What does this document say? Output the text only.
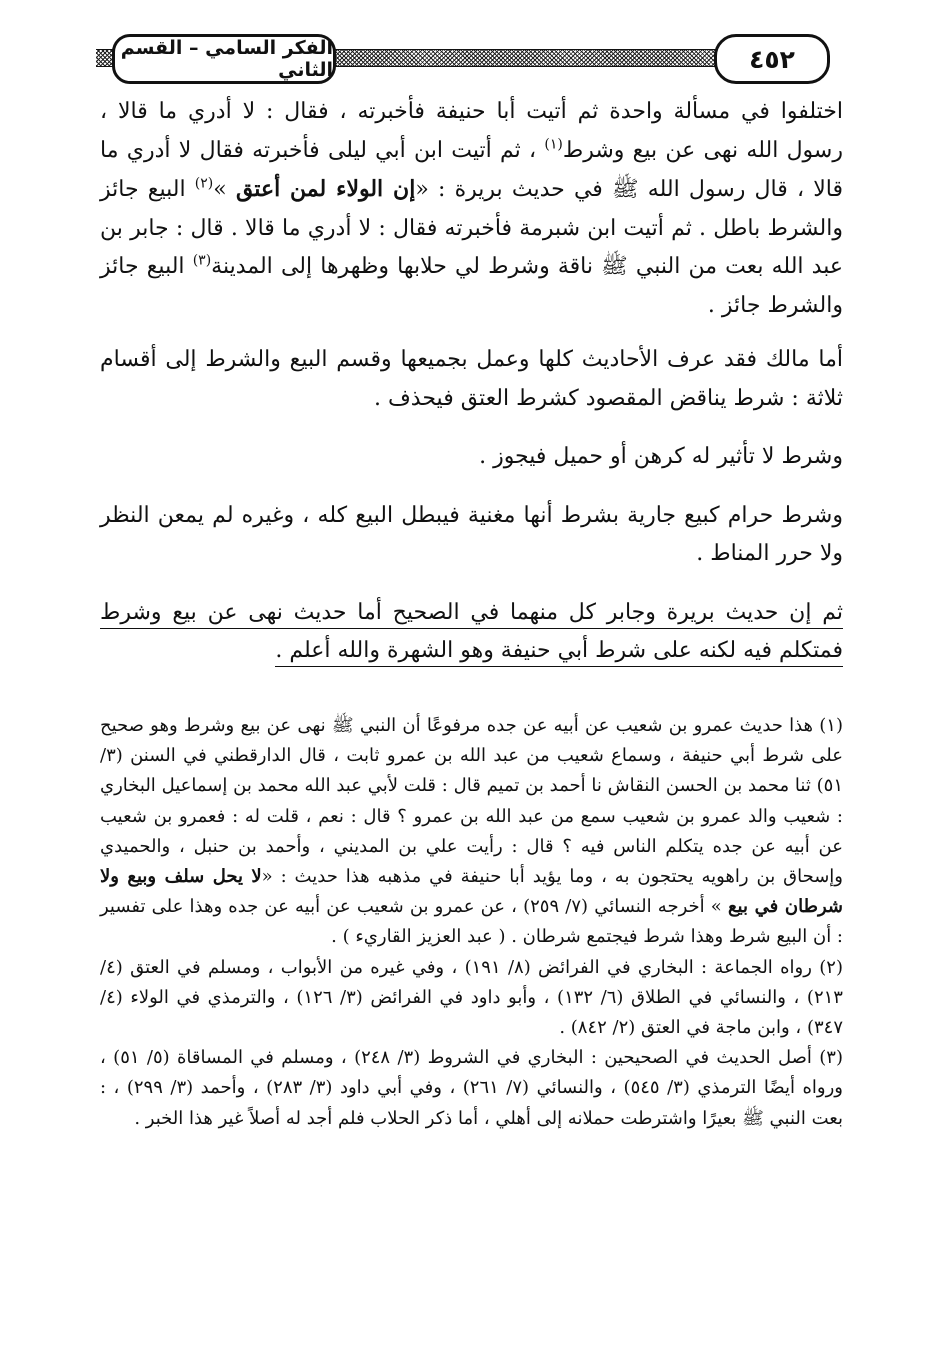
الفكر السامي – القسم الثاني	٤٥٢

اختلفوا في مسألة واحدة ثم أتيت أبا حنيفة فأخبرته ، فقال : لا أدري ما قالا ، رسول الله نهى عن بيع وشرط$^{(١)}$ ، ثم أتيت ابن أبي ليلى فأخبرته فقال لا أدري ما قالا ، قال رسول الله ﷺ في حديث بريرة : «إن الولاء لمن أعتق »$^{(٢)}$ البيع جائز والشرط باطل . ثم أتيت ابن شبرمة فأخبرته فقال : لا أدري ما قالا . قال : جابر بن عبد الله بعت من النبي ﷺ ناقة وشرط لي حلابها وظهرها إلى المدينة$^{(٣)}$ البيع جائز والشرط جائز .

أما مالك فقد عرف الأحاديث كلها وعمل بجميعها وقسم البيع والشرط إلى أقسام ثلاثة : شرط يناقض المقصود كشرط العتق فيحذف .

وشرط لا تأثير له كرهن أو حميل فيجوز .

وشرط حرام كبيع جارية بشرط أنها مغنية فيبطل البيع كله ، وغيره لم يمعن النظر ولا حرر المناط .

ثم إن حديث بريرة وجابر كل منهما في الصحيح أما حديث نهى عن بيع وشرط فمتكلم فيه لكنه على شرط أبي حنيفة وهو الشهرة والله أعلم .

(١) هذا حديث عمرو بن شعيب عن أبيه عن جده مرفوعًا أن النبي ﷺ نهى عن بيع وشرط وهو صحيح على شرط أبي حنيفة ، وسماع شعيب من عبد الله بن عمرو ثابت ، قال الدارقطني في السنن (٣/ ٥١) ثنا محمد بن الحسن النقاش نا أحمد بن تميم قال : قلت لأبي عبد الله محمد بن إسماعيل البخاري : شعيب والد عمرو بن شعيب سمع من عبد الله بن عمرو ؟ قال : نعم ، قلت له : فعمرو بن شعيب عن أبيه عن جده يتكلم الناس فيه ؟ قال : رأيت علي بن المديني ، وأحمد بن حنبل ، والحميدي وإسحاق بن راهويه يحتجون به ، وما يؤيد أبا حنيفة في مذهبه هذا حديث : «لا يحل سلف وبيع ولا شرطان في بيع » أخرجه النسائي (٧/ ٢٥٩) ، عن عمرو بن شعيب عن أبيه عن جده وهذا على تفسير : أن البيع شرط وهذا شرط فيجتمع شرطان . ( عبد العزيز القاريء ) .

(٢) رواه الجماعة : البخاري في الفرائض (٨/ ١٩١) ، وفي غيره من الأبواب ، ومسلم في العتق (٤/ ٢١٣) ، والنسائي في الطلاق (٦/ ١٣٢) ، وأبو داود في الفرائض (٣/ ١٢٦) ، والترمذي في الولاء (٤/ ٣٤٧) ، وابن ماجة في العتق (٢/ ٨٤٢) .

(٣) أصل الحديث في الصحيحين : البخاري في الشروط (٣/ ٢٤٨) ، ومسلم في المساقاة (٥/ ٥١) ، ورواه أيضًا الترمذي (٣/ ٥٤٥) ، والنسائي (٧/ ٢٦١) ، وفي أبي داود (٣/ ٢٨٣) ، وأحمد (٣/ ٢٩٩) ، : بعت النبي ﷺ بعيرًا واشترطت حملانه إلى أهلي ، أما ذكر الحلاب فلم أجد له أصلاً غير هذا الخبر .
